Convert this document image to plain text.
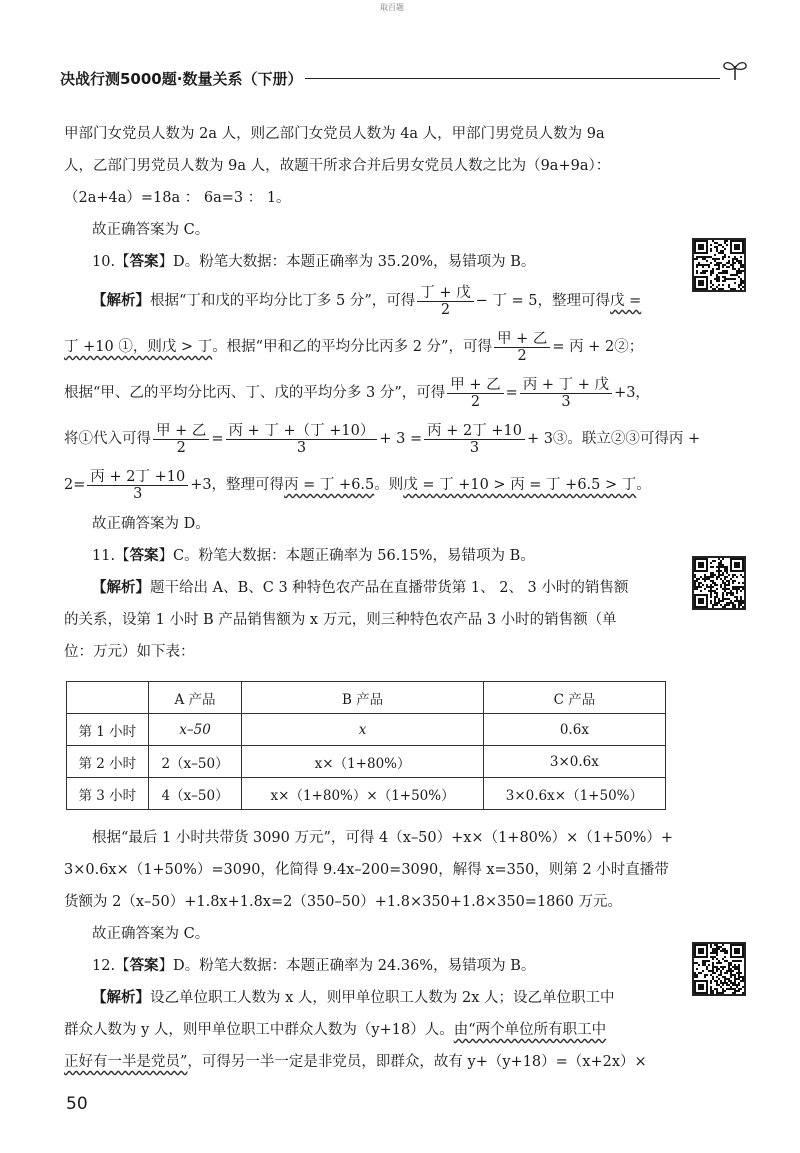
取百题
决战行测5000题·数量关系（下册）
甲部门女党员人数为 2a 人，则乙部门女党员人数为 4a 人，甲部门男党员人数为 9a
人，乙部门男党员人数为 9a 人，故题干所求合并后男女党员人数之比为（9a+9a）：
（2a+4a）=18a ： 6a=3 ： 1。
故正确答案为 C。
10.【答案】D。粉笔大数据：本题正确率为 35.20%，易错项为 B。
【解析】根据“丁和戊的平均分比丁多 5 分”，可得 $\frac{\text{丁 + 戊}}{2}$ − 丁 = 5，整理可得戊 =
丁 +10 ①，则戊 > 丁。根据“甲和乙的平均分比丙多 2 分”，可得 $\frac{\text{甲 + 乙}}{2}$ = 丙 + 2②；
根据“甲、乙的平均分比丙、丁、戊的平均分多 3 分”，可得 $\frac{\text{甲 + 乙}}{2} = \frac{\text{丙 + 丁 + 戊}}{3} +3$，
将①代入可得 $\frac{\text{甲 + 乙}}{2} = \frac{\text{丙 + 丁 +（丁 +10）}}{3} + 3 = \frac{\text{丙 + 2丁 +10}}{3}$ + 3③。联立②③可得丙 +
$2= \frac{\text{丙 + 2丁 +10}}{3} +3$，整理可得丙 = 丁 +6.5。则戊 = 丁 +10 > 丙 = 丁 +6.5 > 丁。
故正确答案为 D。
11.【答案】C。粉笔大数据：本题正确率为 56.15%，易错项为 B。
【解析】题干给出 A、B、C 3 种特色农产品在直播带货第 1、 2、 3 小时的销售额
的关系，设第 1 小时 B 产品销售额为 x 万元，则三种特色农产品 3 小时的销售额（单
位：万元）如下表：
	A 产品	B 产品	C 产品
第 1 小时	x–50	x	0.6x
第 2 小时	2（x–50）	x×（1+80%）	3×0.6x
第 3 小时	4（x–50）	x×（1+80%）×（1+50%）	3×0.6x×（1+50%）
根据“最后 1 小时共带货 3090 万元”，可得 4（x–50）+x×（1+80%）×（1+50%）+
3×0.6x×（1+50%）=3090，化简得 9.4x–200=3090，解得 x=350，则第 2 小时直播带
货额为 2（x–50）+1.8x+1.8x=2（350–50）+1.8×350+1.8×350=1860 万元。
故正确答案为 C。
12.【答案】D。粉笔大数据：本题正确率为 24.36%，易错项为 B。
【解析】设乙单位职工人数为 x 人，则甲单位职工人数为 2x 人；设乙单位职工中
群众人数为 y 人，则甲单位职工中群众人数为（y+18）人。由“两个单位所有职工中
正好有一半是党员”，可得另一半一定是非党员，即群众，故有 y+（y+18）=（x+2x）×
50
